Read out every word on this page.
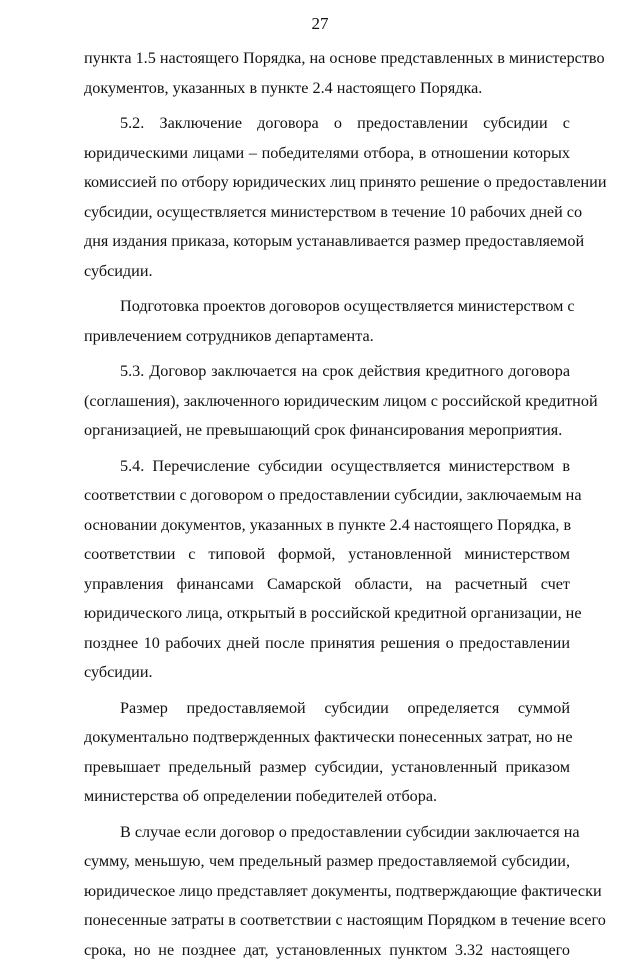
27
пункта 1.5 настоящего Порядка, на основе представленных в министерство
документов, указанных в пункте 2.4 настоящего Порядка.
5.2. Заключение договора о предоставлении субсидии с
юридическими лицами – победителями отбора, в отношении которых
комиссией по отбору юридических лиц принято решение о предоставлении
субсидии, осуществляется министерством в течение 10 рабочих дней со
дня издания приказа, которым устанавливается размер предоставляемой
субсидии.
Подготовка проектов договоров осуществляется министерством с
привлечением сотрудников департамента.
5.3. Договор заключается на срок действия кредитного договора
(соглашения), заключенного юридическим лицом с российской кредитной
организацией, не превышающий срок финансирования мероприятия.
5.4. Перечисление субсидии осуществляется министерством в
соответствии с договором о предоставлении субсидии, заключаемым на
основании документов, указанных в пункте 2.4 настоящего Порядка, в
соответствии с типовой формой, установленной министерством
управления финансами Самарской области, на расчетный счет
юридического лица, открытый в российской кредитной организации, не
позднее 10 рабочих дней после принятия решения о предоставлении
субсидии.
Размер предоставляемой субсидии определяется суммой
документально подтвержденных фактически понесенных затрат, но не
превышает предельный размер субсидии, установленный приказом
министерства об определении победителей отбора.
В случае если договор о предоставлении субсидии заключается на
сумму, меньшую, чем предельный размер предоставляемой субсидии,
юридическое лицо представляет документы, подтверждающие фактически
понесенные затраты в соответствии с настоящим Порядком в течение всего
срока, но не позднее дат, установленных пунктом 3.32 настоящего
